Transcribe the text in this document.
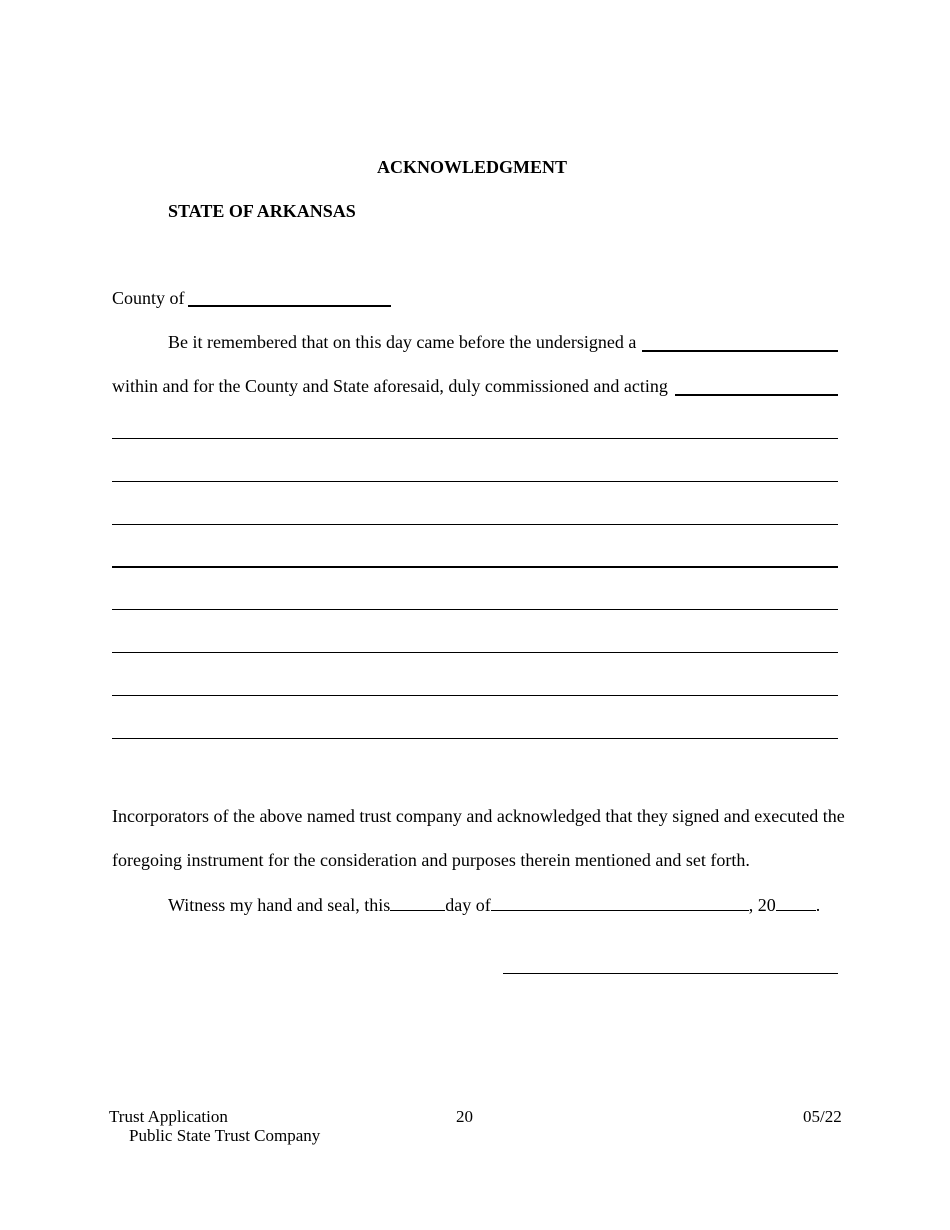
ACKNOWLEDGMENT
STATE OF ARKANSAS
County of
Be it remembered that on this day came before the undersigned a
within and for the County and State aforesaid, duly commissioned and acting
Incorporators of the above named trust company and acknowledged that they signed and executed the
foregoing instrument for the consideration and purposes therein mentioned and set forth.
Witness my hand and seal, this	day of	, 20 .
Trust Application
Public State Trust Company
20	05/22
